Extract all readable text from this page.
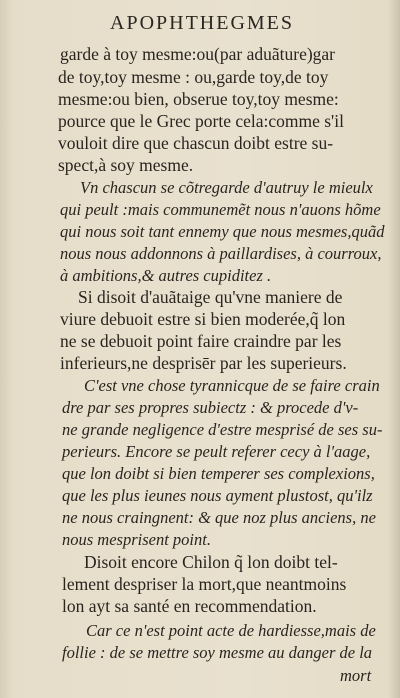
APOPHTHEGMES
garde à toy mesme:ou(par aduãture)gar
de toy,toy mesme : ou,garde toy,de toy
mesme:ou bien, obserue toy,toy mesme:
pource que le Grec porte cela:comme s'il
vouloit dire que chascun doibt estre su-
spect,à soy mesme.
Vn chascun se cõtregarde d'autruy le mieulx
qui peult :mais communemẽt nous n'auons hõme
qui nous soit tant ennemy que nous mesmes,quãd
nous nous addonnons à paillardises, à courroux,
à ambitions,& autres cupiditez .
Si disoit d'auãtaige qu'vne maniere de
viure debuoit estre si bien moderée,q̃ lon
ne se debuoit point faire craindre par les
inferieurs,ne desprisēr par les superieurs.
C'est vne chose tyrannicque de se faire crain
dre par ses propres subiectz : & procede d'v-
ne grande negligence d'estre mesprisé de ses su-
perieurs. Encore se peult referer cecy à l'aage,
que lon doibt si bien temperer ses complexions,
que les plus ieunes nous ayment plustost, qu'ilz
ne nous craingnent: & que noz plus anciens, ne
nous mesprisent point.
Disoit encore Chilon q̃ lon doibt tel-
lement despriser la mort,que neantmoins
lon ayt sa santé en recommendation.
Car ce n'est point acte de hardiesse,mais de
follie : de se mettre soy mesme au danger de la
mort
